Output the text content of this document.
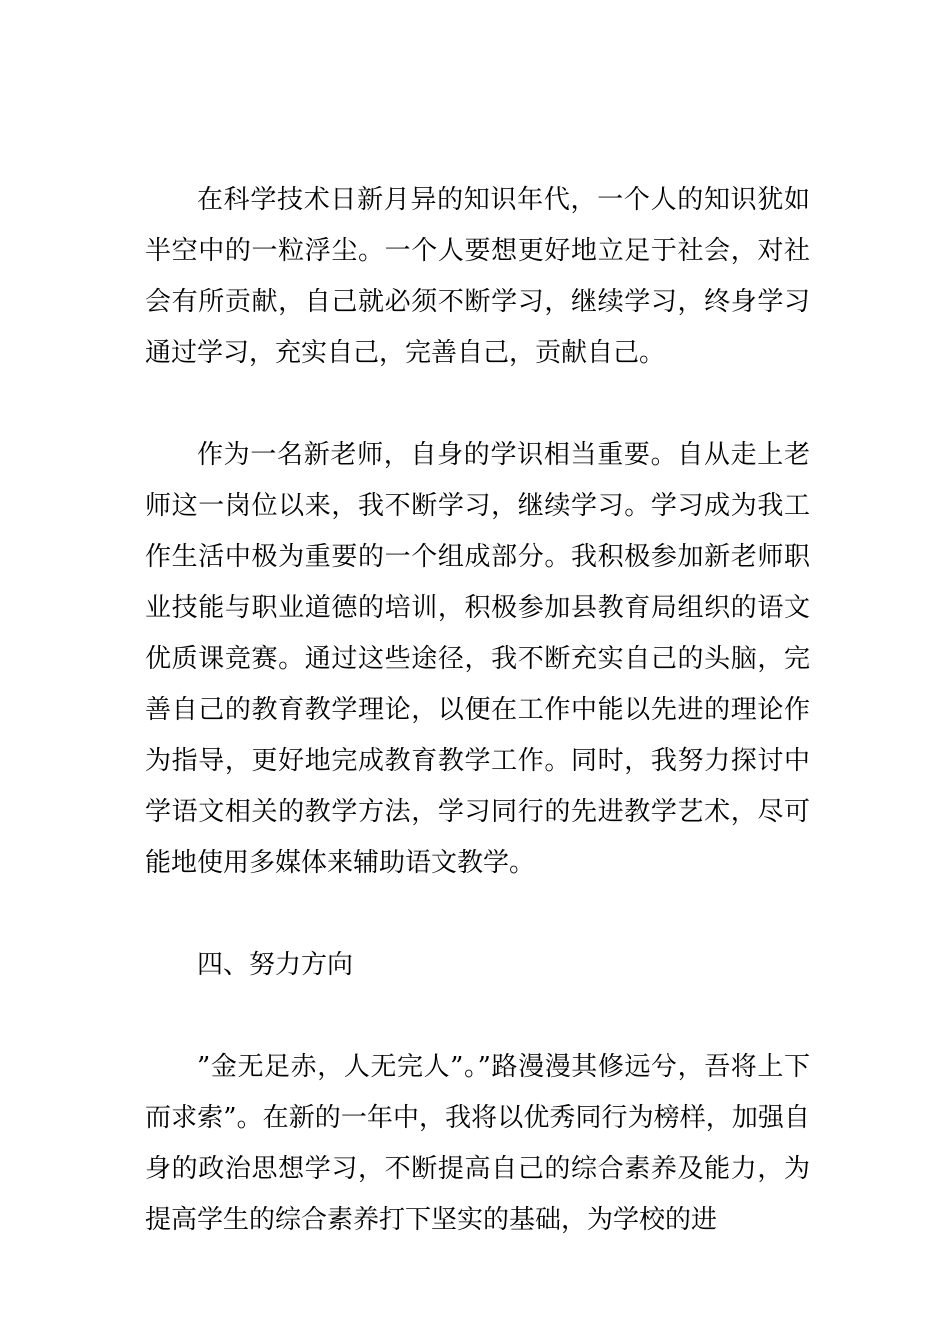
在科学技术日新月异的知识年代，一个人的知识犹如半空中的一粒浮尘。一个人要想更好地立足于社会，对社会有所贡献，自己就必须不断学习，继续学习，终身学习通过学习，充实自己，完善自己，贡献自己。

作为一名新老师，自身的学识相当重要。自从走上老师这一岗位以来，我不断学习，继续学习。学习成为我工作生活中极为重要的一个组成部分。我积极参加新老师职业技能与职业道德的培训，积极参加县教育局组织的语文优质课竞赛。通过这些途径，我不断充实自己的头脑，完善自己的教育教学理论，以便在工作中能以先进的理论作为指导，更好地完成教育教学工作。同时，我努力探讨中学语文相关的教学方法，学习同行的先进教学艺术，尽可能地使用多媒体来辅助语文教学。

四、努力方向

”金无足赤，人无完人”。”路漫漫其修远兮，吾将上下而求索”。在新的一年中，我将以优秀同行为榜样，加强自身的政治思想学习，不断提高自己的综合素养及能力，为提高学生的综合素养打下坚实的基础，为学校的进
